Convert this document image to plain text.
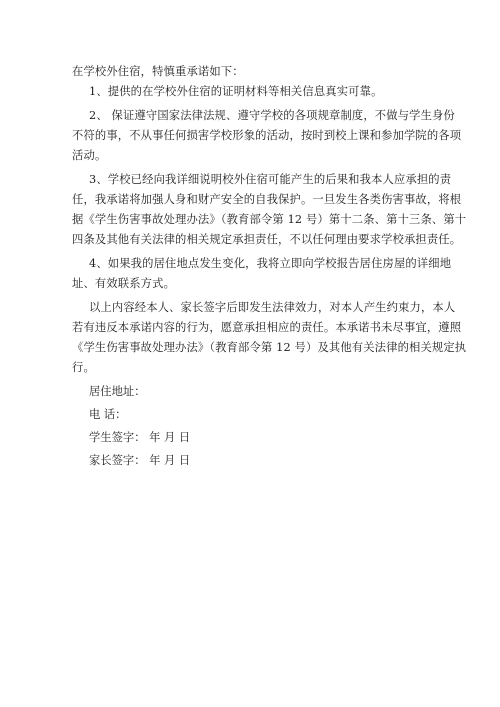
在学校外住宿，特慎重承诺如下：
1、提供的在学校外住宿的证明材料等相关信息真实可靠。
2、 保证遵守国家法律法规、遵守学校的各项规章制度，不做与学生身份
不符的事，不从事任何损害学校形象的活动，按时到校上课和参加学院的各项
活动。
3、学校已经向我详细说明校外住宿可能产生的后果和我本人应承担的责
任，我承诺将加强人身和财产安全的自我保护。一旦发生各类伤害事故，将根
据《学生伤害事故处理办法》（教育部令第 12 号）第十二条、第十三条、第十
四条及其他有关法律的相关规定承担责任，不以任何理由要求学校承担责任。
4、如果我的居住地点发生变化，我将立即向学校报告居住房屋的详细地
址、有效联系方式。
以上内容经本人、家长签字后即发生法律效力，对本人产生约束力，本人
若有违反本承诺内容的行为，愿意承担相应的责任。本承诺书未尽事宜，遵照
《学生伤害事故处理办法》（教育部令第 12 号）及其他有关法律的相关规定执
行。
居住地址：
电 话：
学生签字： 年 月 日
家长签字： 年 月 日
